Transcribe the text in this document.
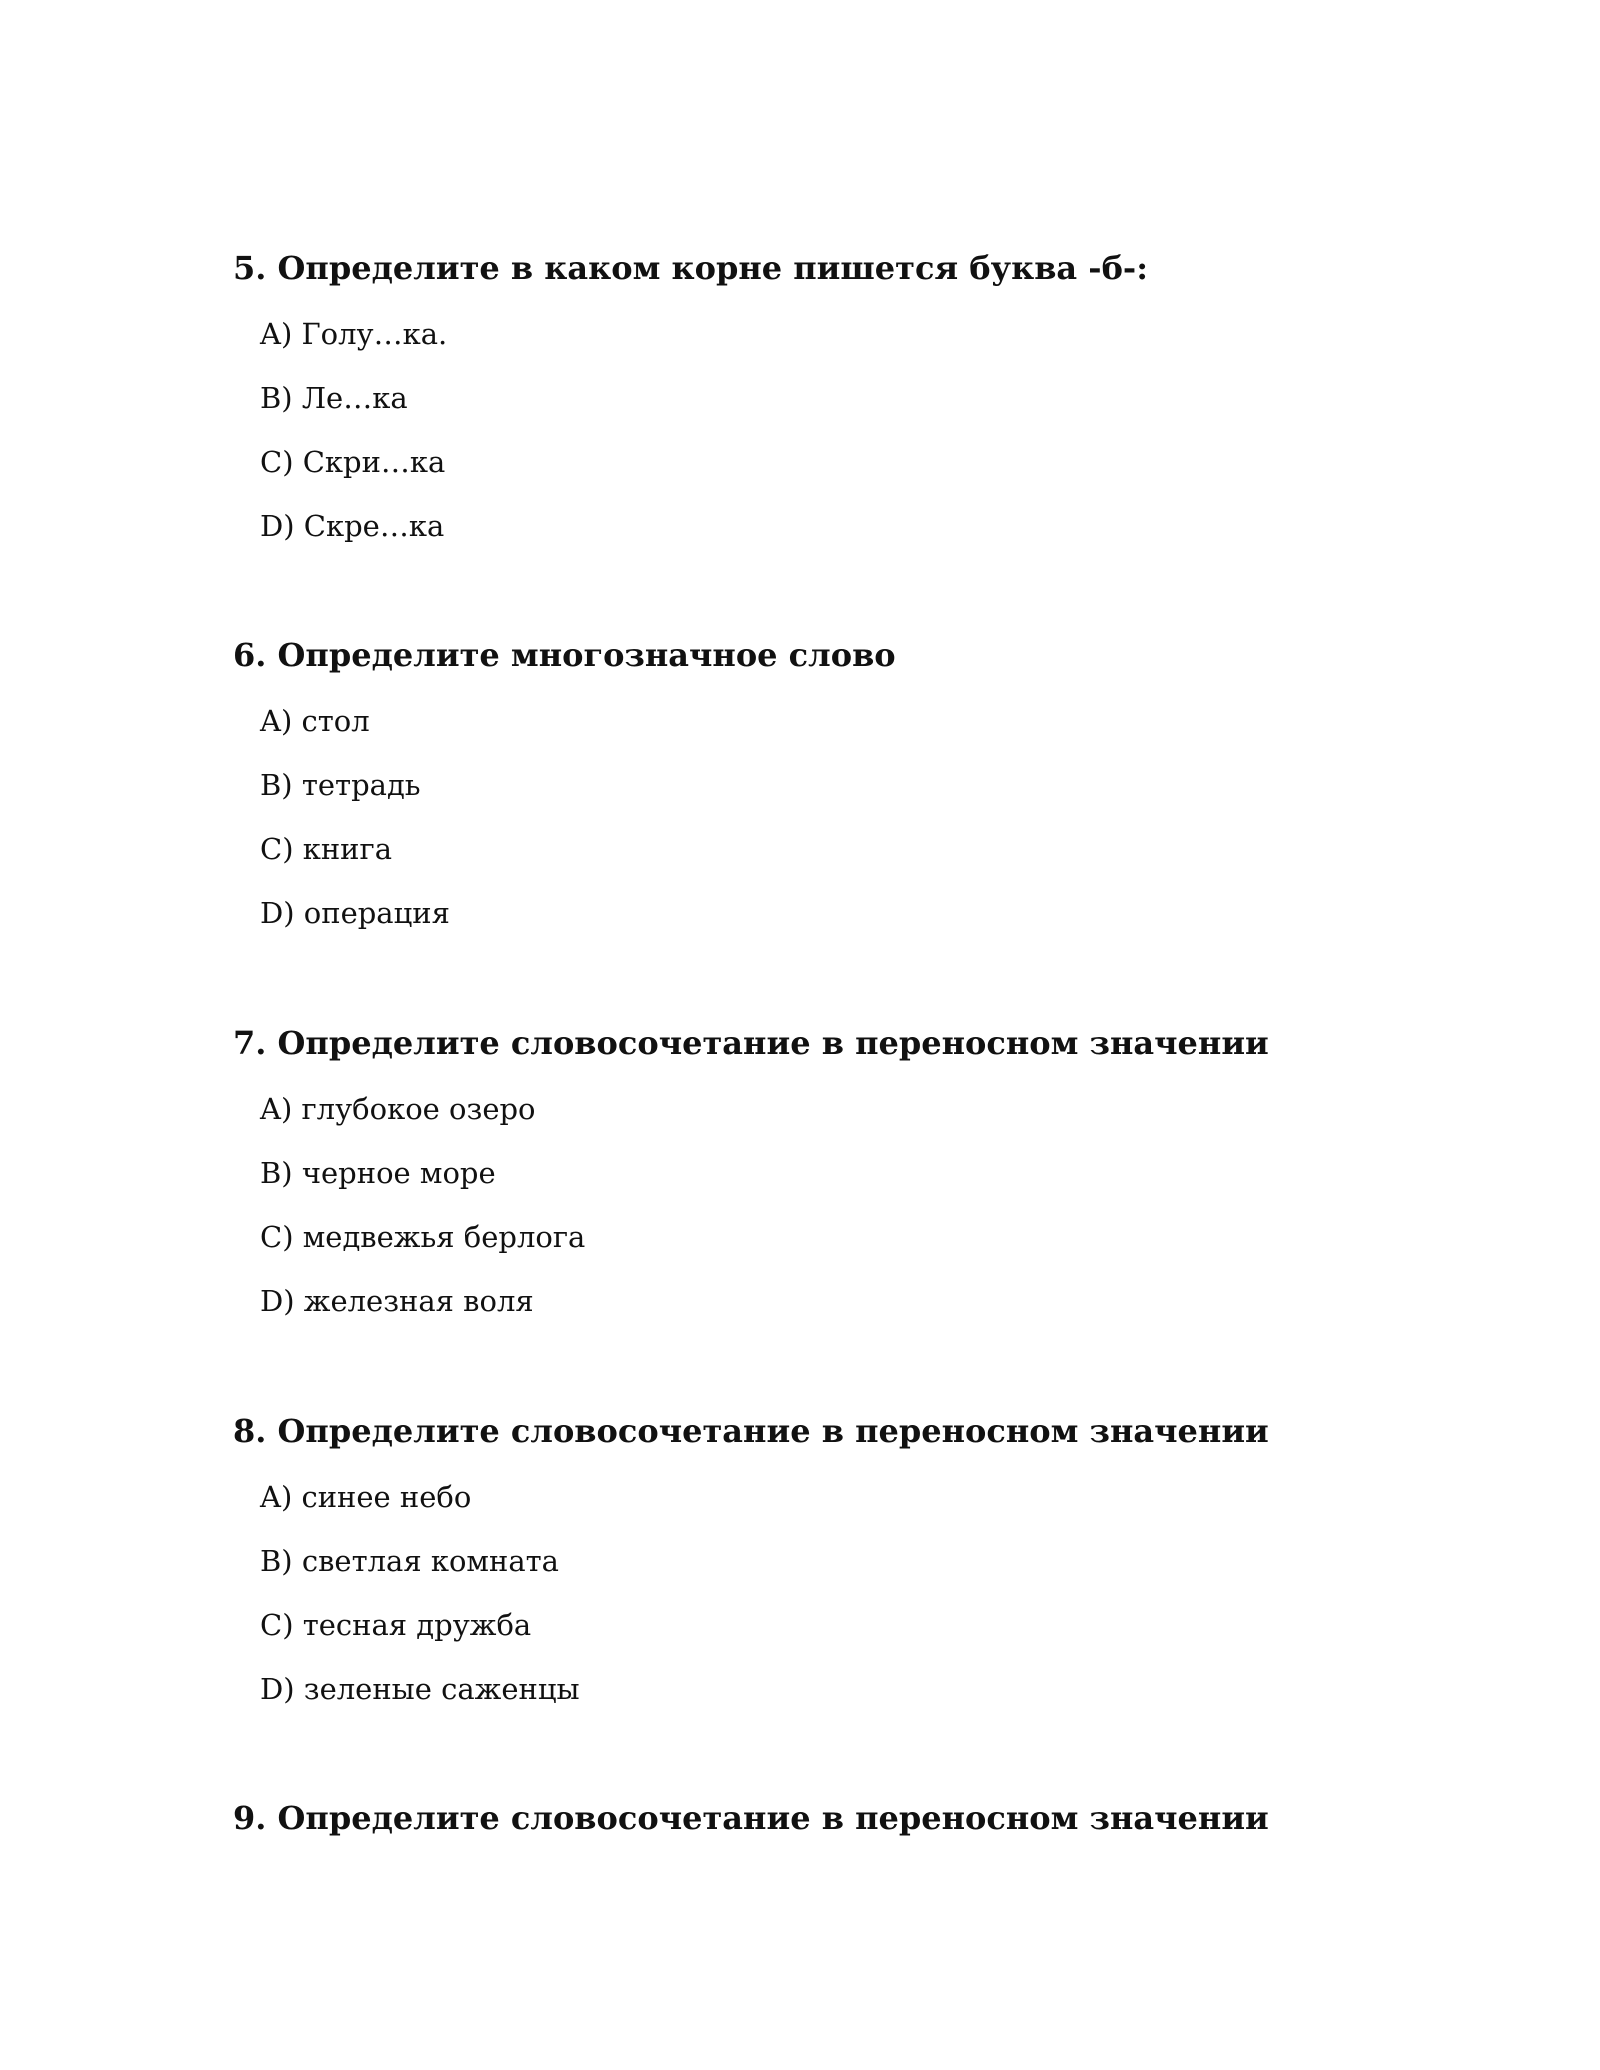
5. Определите в каком корне пишется буква -б-:
A) Голу…ка.
B) Ле…ка
C) Скри…ка
D) Скре…ка
6. Определите многозначное слово
A) стол
B) тетрадь
C) книга
D) операция
7. Определите словосочетание в переносном значении
A) глубокое озеро
B) черное море
C) медвежья берлога
D) железная воля
8. Определите словосочетание в переносном значении
A) синее небо
B) светлая комната
C) тесная дружба
D) зеленые саженцы
9. Определите словосочетание в переносном значении
